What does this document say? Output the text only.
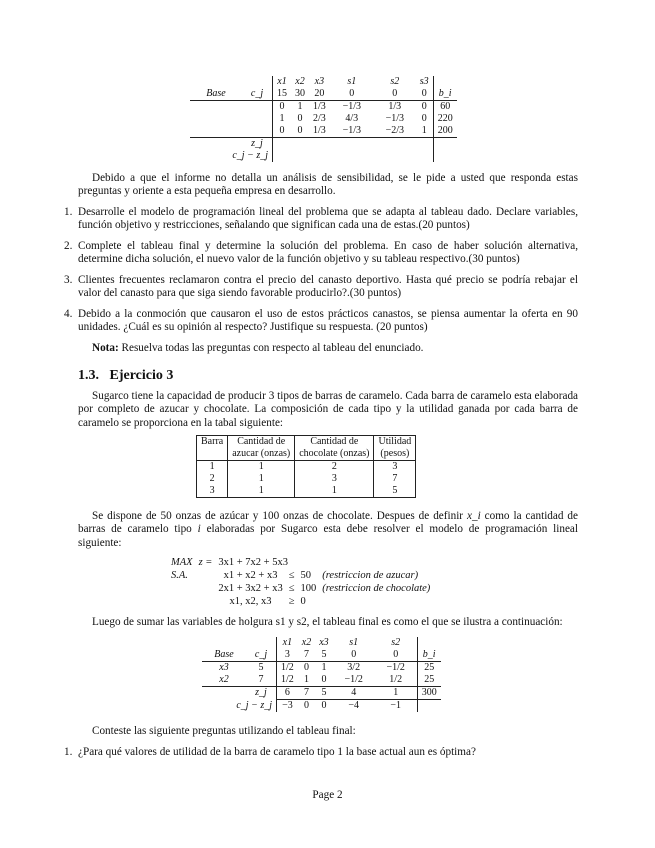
		x1	x2	x3	s1	s2	s3	
Base	c_j	15	30	20	0	0	0	b_i
		0	1	1/3	−1/3	1/3	0	60
		1	0	2/3	4/3	−1/3	0	220
		0	0	1/3	−1/3	−2/3	1	200
	z_j							
c_j − z_j								
Debido a que el informe no detalla un análisis de sensibilidad, se le pide a usted que responda estas preguntas y oriente a esta pequeña empresa en desarrollo.
1. Desarrolle el modelo de programación lineal del problema que se adapta al tableau dado. Declare variables, función objetivo y restricciones, señalando que significan cada una de estas.(20 puntos)
2. Complete el tableau final y determine la solución del problema. En caso de haber solución alternativa, determine dicha solución, el nuevo valor de la función objetivo y su tableau respectivo.(30 puntos)
3. Clientes frecuentes reclamaron contra el precio del canasto deportivo. Hasta qué precio se podría rebajar el valor del canasto para que siga siendo favorable producirlo?.(30 puntos)
4. Debido a la conmoción que causaron el uso de estos prácticos canastos, se piensa aumentar la oferta en 90 unidades. ¿Cuál es su opinión al respecto? Justifique su respuesta. (20 puntos)
Nota: Resuelva todas las preguntas con respecto al tableau del enunciado.
1.3. Ejercicio 3
Sugarco tiene la capacidad de producir 3 tipos de barras de caramelo. Cada barra de caramelo esta elaborada por completo de azucar y chocolate. La composición de cada tipo y la utilidad ganada por cada barra de caramelo se proporciona en la tabal siguiente:
Barra	Cantidad de	Cantidad de	Utilidad
	azucar (onzas)	chocolate (onzas)	(pesos)
1	1	2	3
2	1	3	7
3	1	1	5
Se dispone de 50 onzas de azúcar y 100 onzas de chocolate. Despues de definir x_i como la cantidad de barras de caramelo tipo i elaboradas por Sugarco esta debe resolver el modelo de programación lineal siguiente:
MAX	z =	3x1 + 7x2 + 5x3			
S.A.		x1 + x2 + x3	≤	50	(restriccion de azucar)
		2x1 + 3x2 + x3	≤	100	(restriccion de chocolate)
		x1, x2, x3	≥	0	
Luego de sumar las variables de holgura s1 y s2, el tableau final es como el que se ilustra a continuación:
		x1	x2	x3	s1	s2	
Base	c_j	3	7	5	0	0	b_i
x3	5	1/2	0	1	3/2	−1/2	25
x2	7	1/2	1	0	−1/2	1/2	25
	z_j	6	7	5	4	1	300
c_j − z_j		−3	0	0	−4	−1	
Conteste las siguiente preguntas utilizando el tableau final:
1. ¿Para qué valores de utilidad de la barra de caramelo tipo 1 la base actual aun es óptima?
Page 2
